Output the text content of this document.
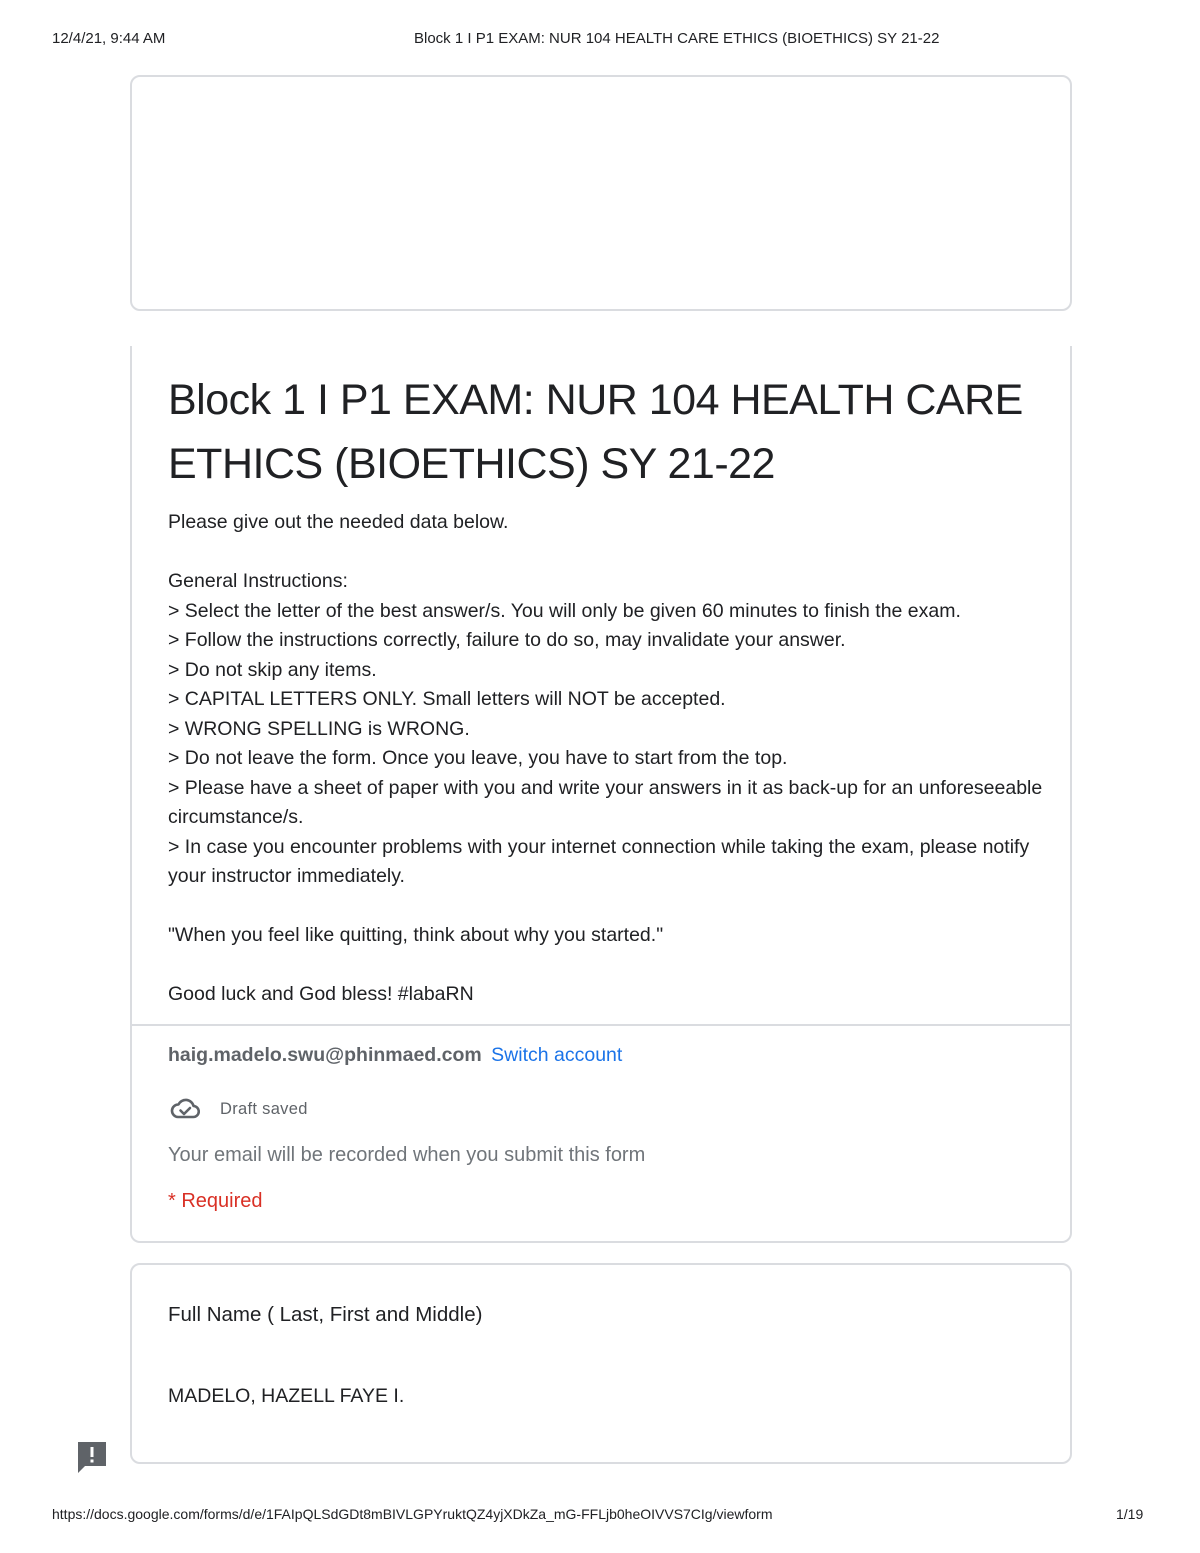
12/4/21, 9:44 AM	Block 1 I P1 EXAM: NUR 104 HEALTH CARE ETHICS (BIOETHICS) SY 21-22
Block 1 I P1 EXAM: NUR 104 HEALTH CARE ETHICS (BIOETHICS) SY 21-22
Please give out the needed data below.

General Instructions:
> Select the letter of the best answer/s. You will only be given 60 minutes to finish the exam.
> Follow the instructions correctly, failure to do so, may invalidate your answer.
> Do not skip any items.
> CAPITAL LETTERS ONLY. Small letters will NOT be accepted.
> WRONG SPELLING is WRONG.
> Do not leave the form. Once you leave, you have to start from the top.
> Please have a sheet of paper with you and write your answers in it as back-up for an unforeseeable circumstance/s.
> In case you encounter problems with your internet connection while taking the exam, please notify your instructor immediately.

"When you feel like quitting, think about why you started."

Good luck and God bless! #labaRN
haig.madelo.swu@phinmaed.com Switch account
Draft saved
Your email will be recorded when you submit this form
* Required
Full Name ( Last, First and Middle)
MADELO, HAZELL FAYE I.
https://docs.google.com/forms/d/e/1FAIpQLSdGDt8mBIVLGPYruktQZ4yjXDkZa_mG-FFLjb0heOIVVS7CIg/viewform	1/19
